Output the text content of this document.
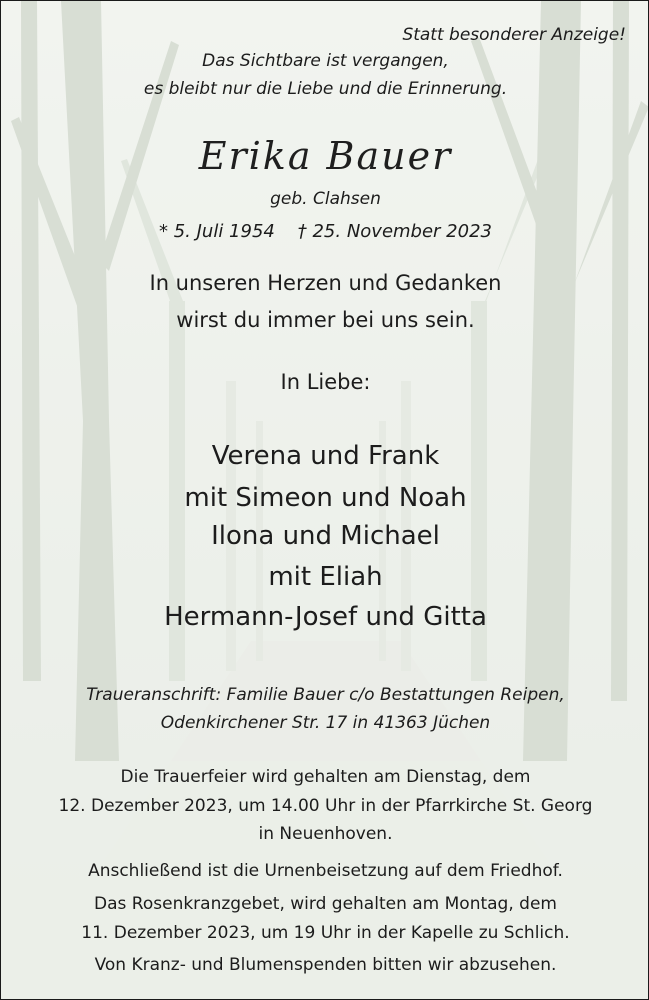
Statt besonderer Anzeige!
Das Sichtbare ist vergangen,
es bleibt nur die Liebe und die Erinnerung.
Erika Bauer
geb. Clahsen
* 5. Juli 1954    † 25. November 2023
In unseren Herzen und Gedanken
wirst du immer bei uns sein.
In Liebe:
Verena und Frank
mit Simeon und Noah
Ilona und Michael
mit Eliah
Hermann-Josef und Gitta
Traueranschrift: Familie Bauer c/o Bestattungen Reipen,
Odenkirchener Str. 17 in 41363 Jüchen
Die Trauerfeier wird gehalten am Dienstag, dem
12. Dezember 2023, um 14.00 Uhr in der Pfarrkirche St. Georg
in Neuenhoven.
Anschließend ist die Urnenbeisetzung auf dem Friedhof.
Das Rosenkranzgebet, wird gehalten am Montag, dem
11. Dezember 2023, um 19 Uhr in der Kapelle zu Schlich.
Von Kranz- und Blumenspenden bitten wir abzusehen.
